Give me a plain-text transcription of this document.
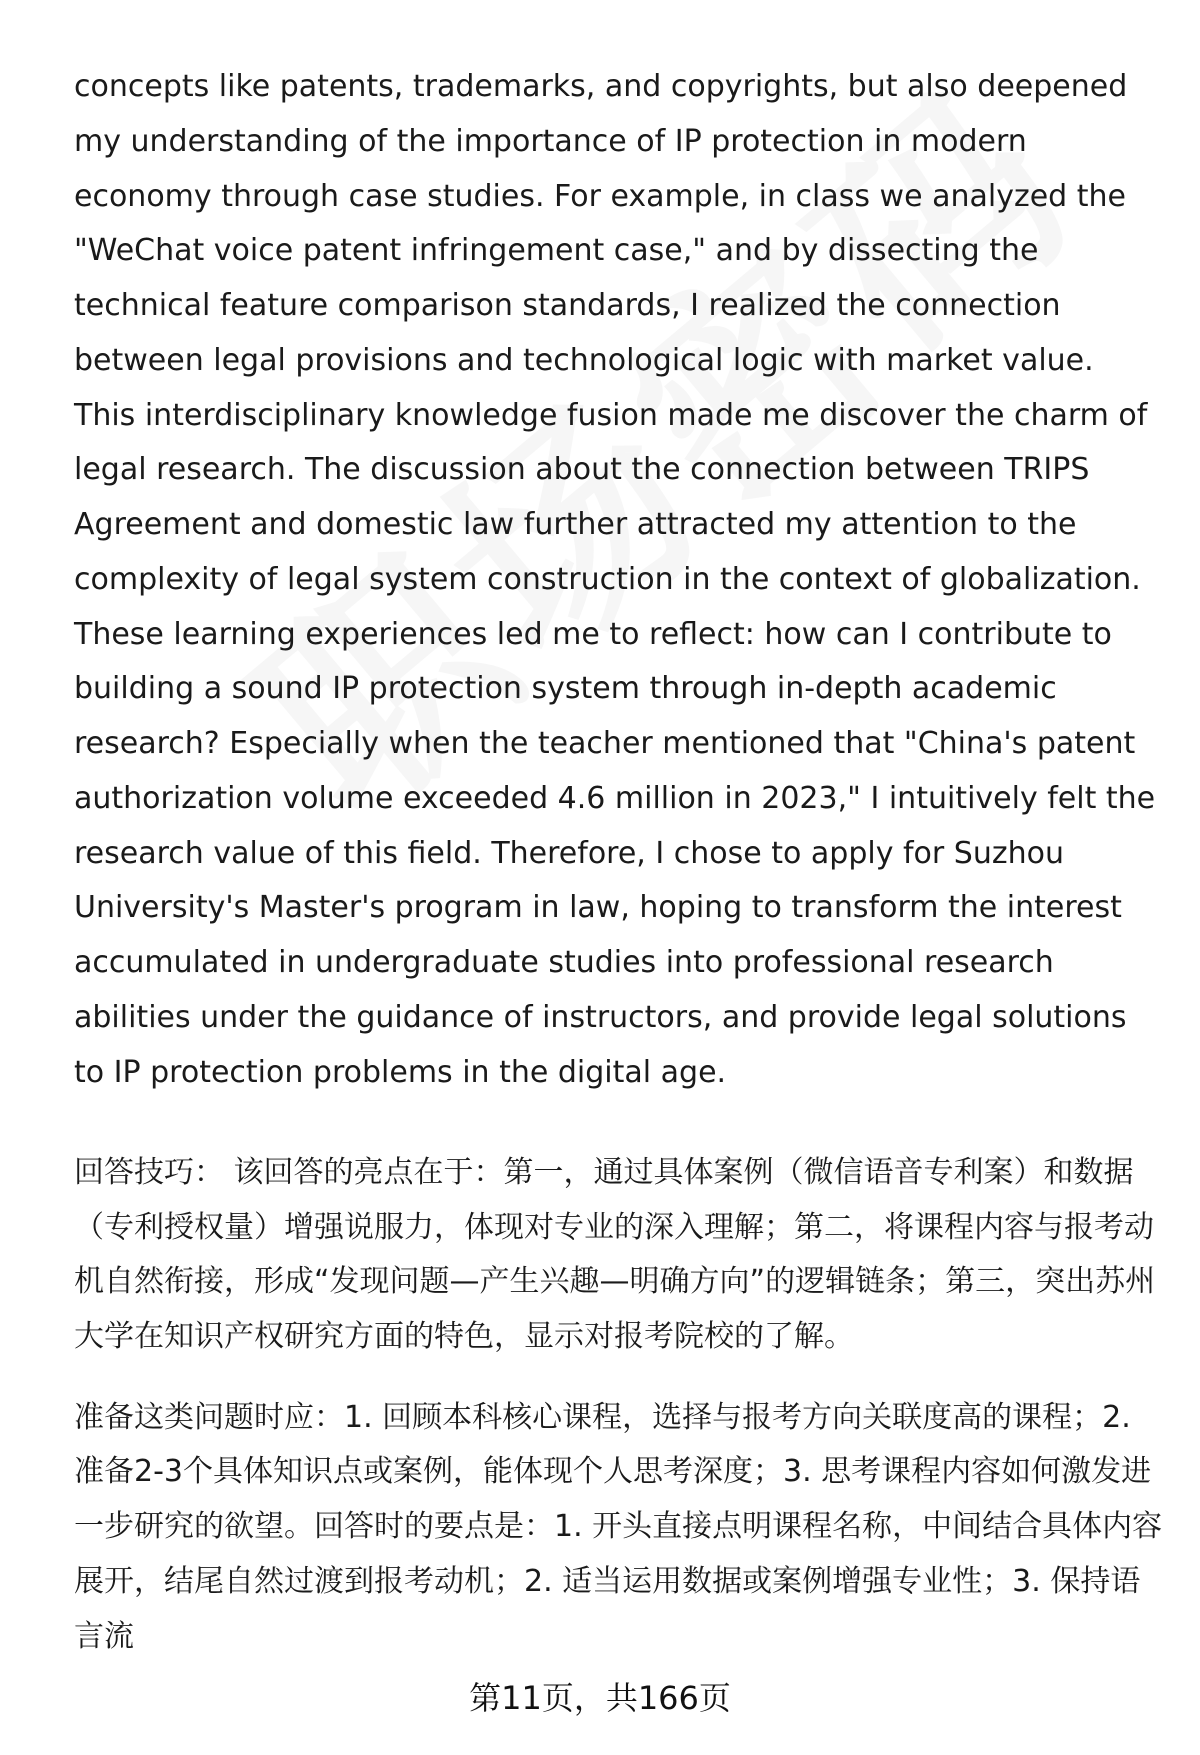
concepts like patents, trademarks, and copyrights, but also deepened my understanding of the importance of IP protection in modern economy through case studies. For example, in class we analyzed the "WeChat voice patent infringement case," and by dissecting the technical feature comparison standards, I realized the connection between legal provisions and technological logic with market value. This interdisciplinary knowledge fusion made me discover the charm of legal research. The discussion about the connection between TRIPS Agreement and domestic law further attracted my attention to the complexity of legal system construction in the context of globalization. These learning experiences led me to reflect: how can I contribute to building a sound IP protection system through in-depth academic research? Especially when the teacher mentioned that "China's patent authorization volume exceeded 4.6 million in 2023," I intuitively felt the research value of this field. Therefore, I chose to apply for Suzhou University's Master's program in law, hoping to transform the interest accumulated in undergraduate studies into professional research abilities under the guidance of instructors, and provide legal solutions to IP protection problems in the digital age.

回答技巧： 该回答的亮点在于：第一，通过具体案例（微信语音专利案）和数据（专利授权量）增强说服力，体现对专业的深入理解；第二，将课程内容与报考动机自然衔接，形成“发现问题—产生兴趣—明确方向”的逻辑链条；第三，突出苏州大学在知识产权研究方面的特色，显示对报考院校的了解。

准备这类问题时应：1. 回顾本科核心课程，选择与报考方向关联度高的课程；2. 准备2-3个具体知识点或案例，能体现个人思考深度；3. 思考课程内容如何激发进一步研究的欲望。回答时的要点是：1. 开头直接点明课程名称，中间结合具体内容展开，结尾自然过渡到报考动机；2. 适当运用数据或案例增强专业性；3. 保持语言流

第11页，共166页
